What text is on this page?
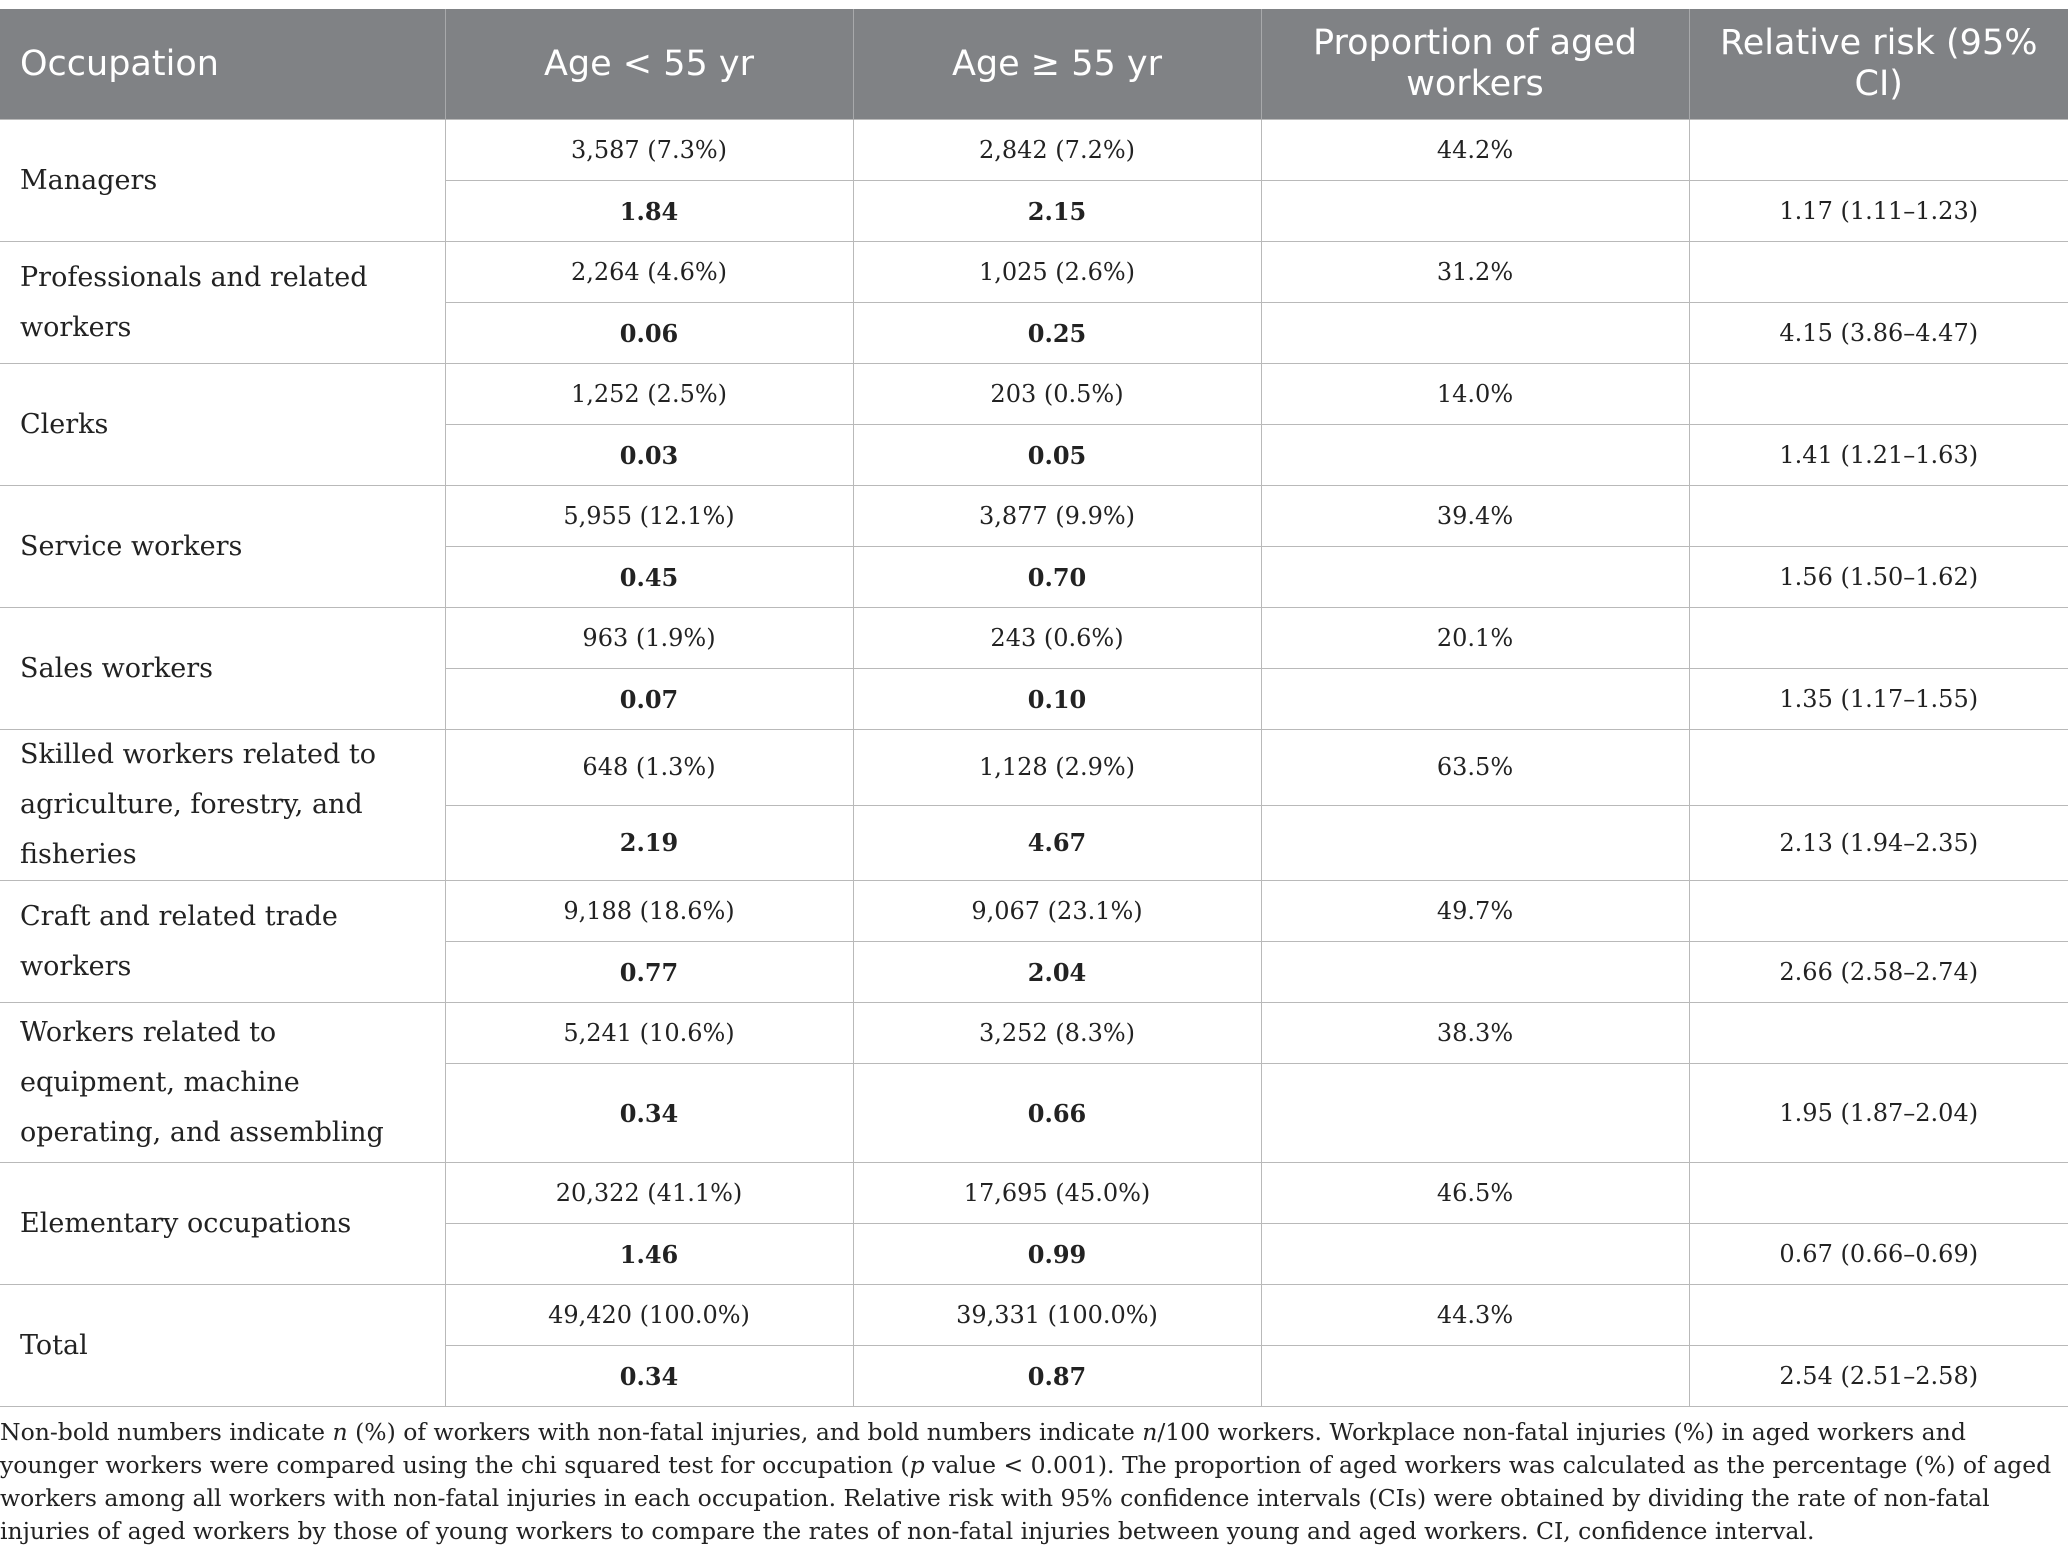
Occupation	Age < 55 yr	Age ≥ 55 yr	Proportion of aged workers	Relative risk (95% CI)
Managers	3,587 (7.3%)	2,842 (7.2%)	44.2%	
	1.84	2.15		1.17 (1.11–1.23)
Professionals and related workers	2,264 (4.6%)	1,025 (2.6%)	31.2%	
	0.06	0.25		4.15 (3.86–4.47)
Clerks	1,252 (2.5%)	203 (0.5%)	14.0%	
	0.03	0.05		1.41 (1.21–1.63)
Service workers	5,955 (12.1%)	3,877 (9.9%)	39.4%	
	0.45	0.70		1.56 (1.50–1.62)
Sales workers	963 (1.9%)	243 (0.6%)	20.1%	
	0.07	0.10		1.35 (1.17–1.55)
Skilled workers related to agriculture, forestry, and fisheries	648 (1.3%)	1,128 (2.9%)	63.5%	
	2.19	4.67		2.13 (1.94–2.35)
Craft and related trade workers	9,188 (18.6%)	9,067 (23.1%)	49.7%	
	0.77	2.04		2.66 (2.58–2.74)
Workers related to equipment, machine operating, and assembling	5,241 (10.6%)	3,252 (8.3%)	38.3%	
	0.34	0.66		1.95 (1.87–2.04)
Elementary occupations	20,322 (41.1%)	17,695 (45.0%)	46.5%	
	1.46	0.99		0.67 (0.66–0.69)
Total	49,420 (100.0%)	39,331 (100.0%)	44.3%	
	0.34	0.87		2.54 (2.51–2.58)

Non-bold numbers indicate n (%) of workers with non-fatal injuries, and bold numbers indicate n/100 workers. Workplace non-fatal injuries (%) in aged workers and younger workers were compared using the chi squared test for occupation (p value < 0.001). The proportion of aged workers was calculated as the percentage (%) of aged workers among all workers with non-fatal injuries in each occupation. Relative risk with 95% confidence intervals (CIs) were obtained by dividing the rate of non-fatal injuries of aged workers by those of young workers to compare the rates of non-fatal injuries between young and aged workers. CI, confidence interval.
